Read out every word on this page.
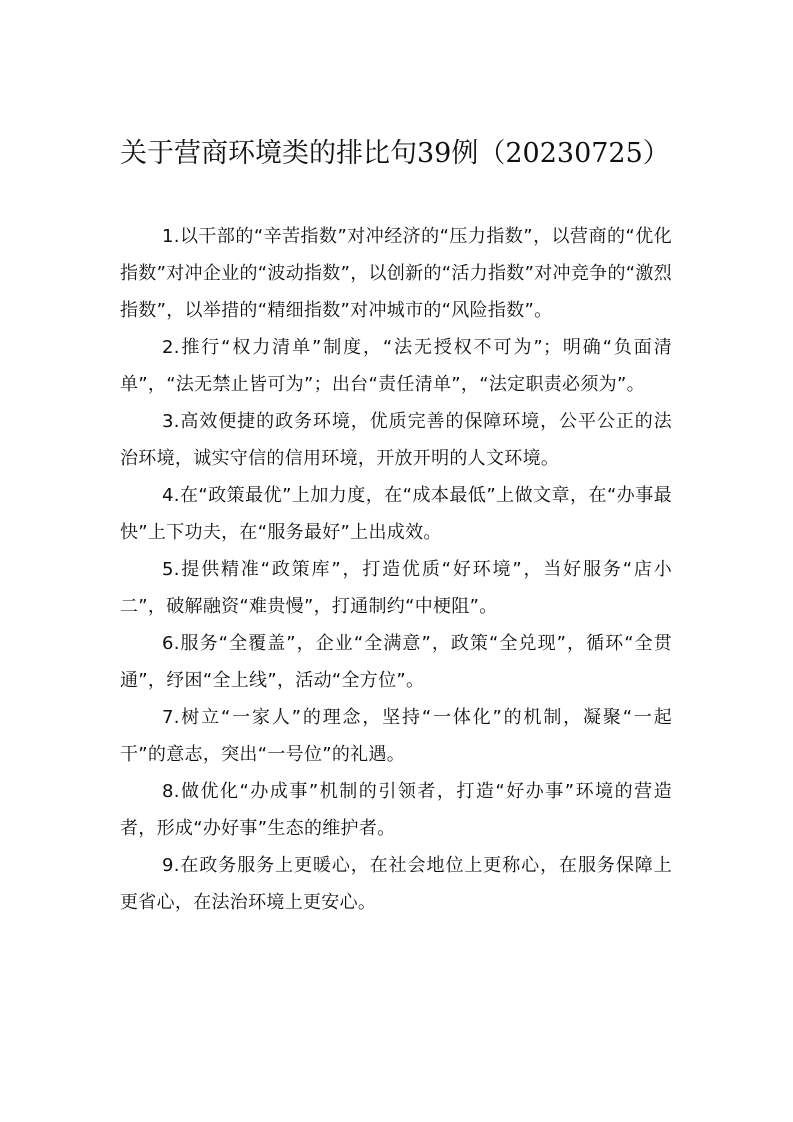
关于营商环境类的排比句39例（20230725）

1.以干部的“辛苦指数”对冲经济的“压力指数”，以营商的“优化指数”对冲企业的“波动指数”，以创新的“活力指数”对冲竞争的“激烈指数”，以举措的“精细指数”对冲城市的“风险指数”。

2.推行“权力清单”制度，“法无授权不可为”；明确“负面清单”，“法无禁止皆可为”；出台“责任清单”，“法定职责必须为”。

3.高效便捷的政务环境，优质完善的保障环境，公平公正的法治环境，诚实守信的信用环境，开放开明的人文环境。

4.在“政策最优”上加力度，在“成本最低”上做文章，在“办事最快”上下功夫，在“服务最好”上出成效。

5.提供精准“政策库”，打造优质“好环境”，当好服务“店小二”，破解融资“难贵慢”，打通制约“中梗阻”。

6.服务“全覆盖”，企业“全满意”，政策“全兑现”，循环“全贯通”，纾困“全上线”，活动“全方位”。

7.树立“一家人”的理念，坚持“一体化”的机制，凝聚“一起干”的意志，突出“一号位”的礼遇。

8.做优化“办成事”机制的引领者，打造“好办事”环境的营造者，形成“办好事”生态的维护者。

9.在政务服务上更暖心，在社会地位上更称心，在服务保障上更省心，在法治环境上更安心。
